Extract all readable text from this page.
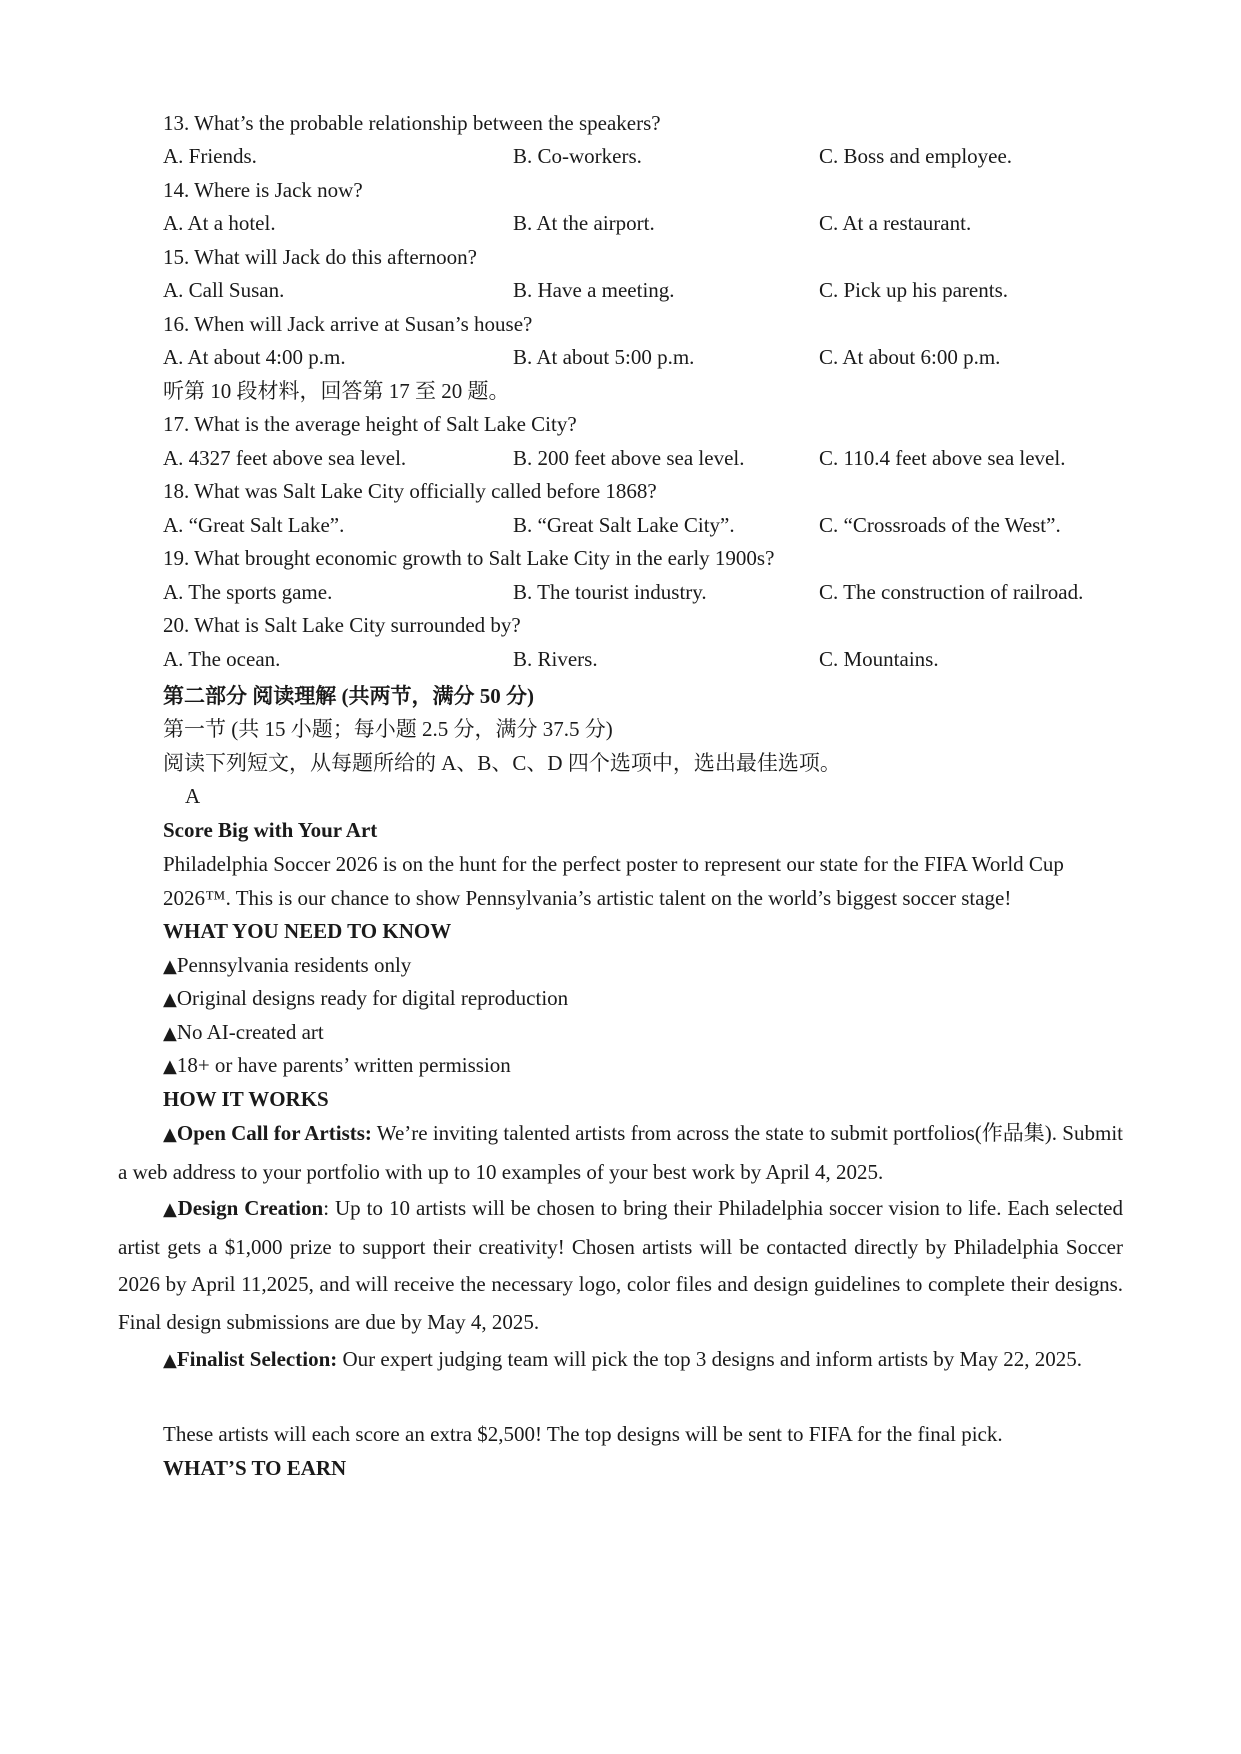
13. What’s the probable relationship between the speakers?
A. Friends.	B. Co-workers.	C. Boss and employee.
14. Where is Jack now?
A. At a hotel.	B. At the airport.	C. At a restaurant.
15. What will Jack do this afternoon?
A. Call Susan.	B. Have a meeting.	C. Pick up his parents.
16. When will Jack arrive at Susan’s house?
A. At about 4:00 p.m.	B. At about 5:00 p.m.	C. At about 6:00 p.m.
听第 10 段材料，回答第 17 至 20 题。
17. What is the average height of Salt Lake City?
A. 4327 feet above sea level.	B. 200 feet above sea level.	C. 110.4 feet above sea level.
18. What was Salt Lake City officially called before 1868?
A. “Great Salt Lake”.	B. “Great Salt Lake City”.	C. “Crossroads of the West”.
19. What brought economic growth to Salt Lake City in the early 1900s?
A. The sports game.	B. The tourist industry.	C. The construction of railroad.
20. What is Salt Lake City surrounded by?
A. The ocean.	B. Rivers.	C. Mountains.
第二部分 阅读理解 (共两节，满分 50 分)
第一节 (共 15 小题；每小题 2.5 分，满分 37.5 分)
阅读下列短文，从每题所给的 A、B、C、D 四个选项中，选出最佳选项。
A
Score Big with Your Art
Philadelphia Soccer 2026 is on the hunt for the perfect poster to represent our state for the FIFA World Cup
2026™. This is our chance to show Pennsylvania’s artistic talent on the world’s biggest soccer stage!
WHAT YOU NEED TO KNOW
▲Pennsylvania residents only
▲Original designs ready for digital reproduction
▲No AI-created art
▲18+ or have parents’ written permission
HOW IT WORKS
▲Open Call for Artists: We’re inviting talented artists from across the state to submit portfolios(作品集). Submit a web address to your portfolio with up to 10 examples of your best work by April 4, 2025.
▲Design Creation: Up to 10 artists will be chosen to bring their Philadelphia soccer vision to life. Each selected artist gets a $1,000 prize to support their creativity! Chosen artists will be contacted directly by Philadelphia Soccer 2026 by April 11,2025, and will receive the necessary logo, color files and design guidelines to complete their designs. Final design submissions are due by May 4, 2025.
▲Finalist Selection: Our expert judging team will pick the top 3 designs and inform artists by May 22, 2025.
These artists will each score an extra $2,500! The top designs will be sent to FIFA for the final pick.
WHAT’S TO EARN
